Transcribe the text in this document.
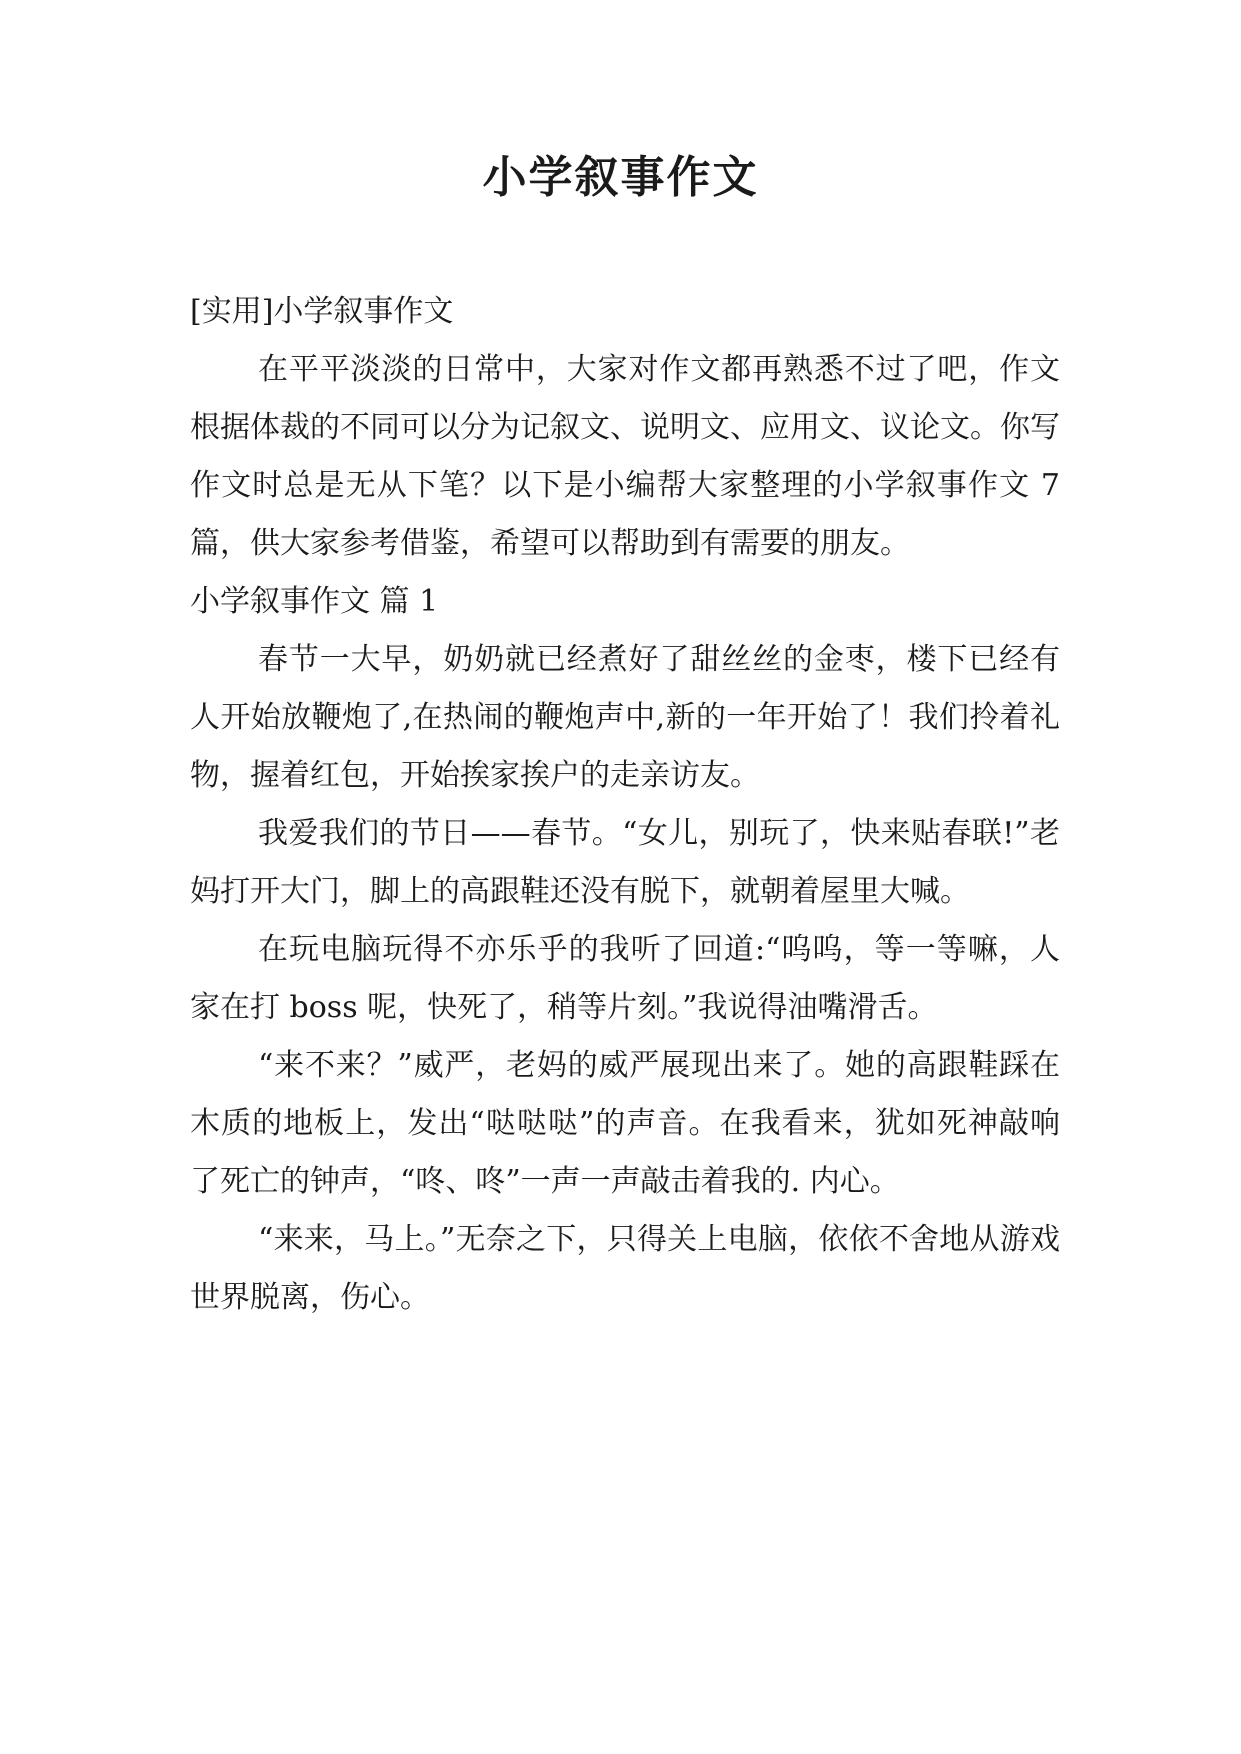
小学叙事作文

[实用]小学叙事作文

在平平淡淡的日常中，大家对作文都再熟悉不过了吧，作文根据体裁的不同可以分为记叙文、说明文、应用文、议论文。你写作文时总是无从下笔？以下是小编帮大家整理的小学叙事作文 7 篇，供大家参考借鉴，希望可以帮助到有需要的朋友。

小学叙事作文 篇 1

春节一大早，奶奶就已经煮好了甜丝丝的金枣，楼下已经有人开始放鞭炮了,在热闹的鞭炮声中,新的一年开始了！我们拎着礼物，握着红包，开始挨家挨户的走亲访友。

我爱我们的节日——春节。“女儿，别玩了，快来贴春联!”老妈打开大门，脚上的高跟鞋还没有脱下，就朝着屋里大喊。

在玩电脑玩得不亦乐乎的我听了回道:“呜呜，等一等嘛，人家在打 boss 呢，快死了，稍等片刻。”我说得油嘴滑舌。

“来不来？”威严，老妈的威严展现出来了。她的高跟鞋踩在木质的地板上，发出“哒哒哒”的声音。在我看来，犹如死神敲响了死亡的钟声，“咚、咚”一声一声敲击着我的. 内心。

“来来，马上。”无奈之下，只得关上电脑，依依不舍地从游戏世界脱离，伤心。
